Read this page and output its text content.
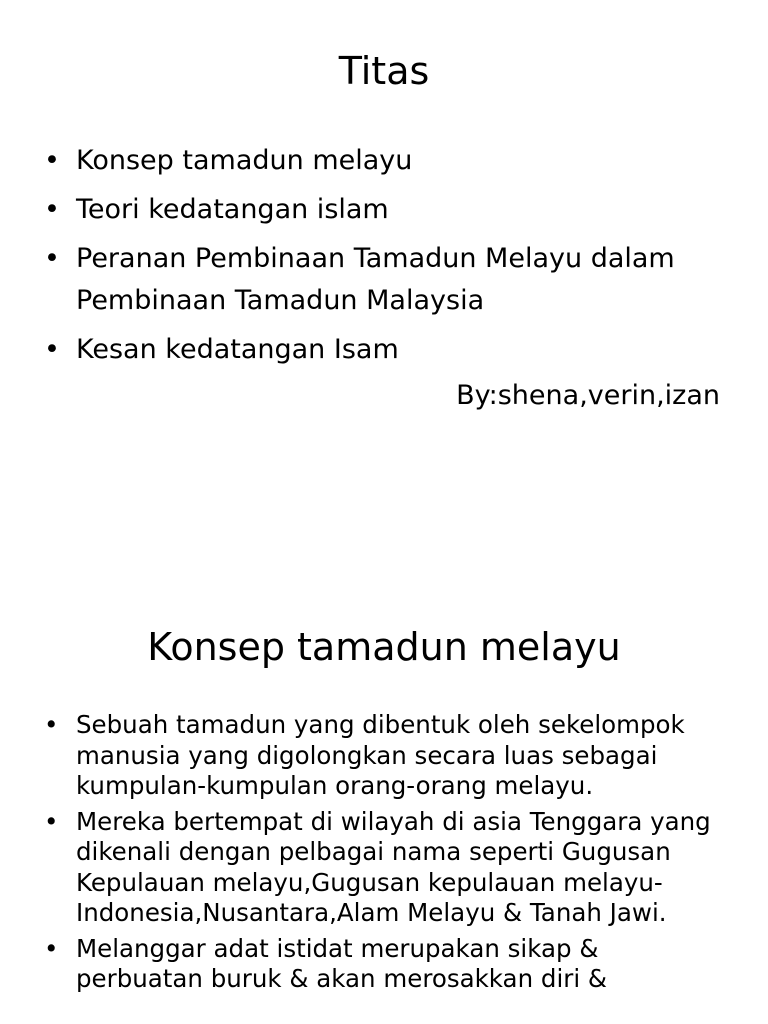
Titas
• Konsep tamadun melayu
• Teori kedatangan islam
• Peranan Pembinaan Tamadun Melayu dalam Pembinaan Tamadun Malaysia
• Kesan kedatangan Isam
By:shena,verin,izan
Konsep tamadun melayu
• Sebuah tamadun yang dibentuk oleh sekelompok manusia yang digolongkan secara luas sebagai kumpulan-kumpulan orang-orang melayu.
• Mereka bertempat di wilayah di asia Tenggara yang dikenali dengan pelbagai nama seperti Gugusan Kepulauan melayu,Gugusan kepulauan melayu-Indonesia,Nusantara,Alam Melayu & Tanah Jawi.
• Melanggar adat istidat merupakan sikap & perbuatan buruk & akan merosakkan diri &
